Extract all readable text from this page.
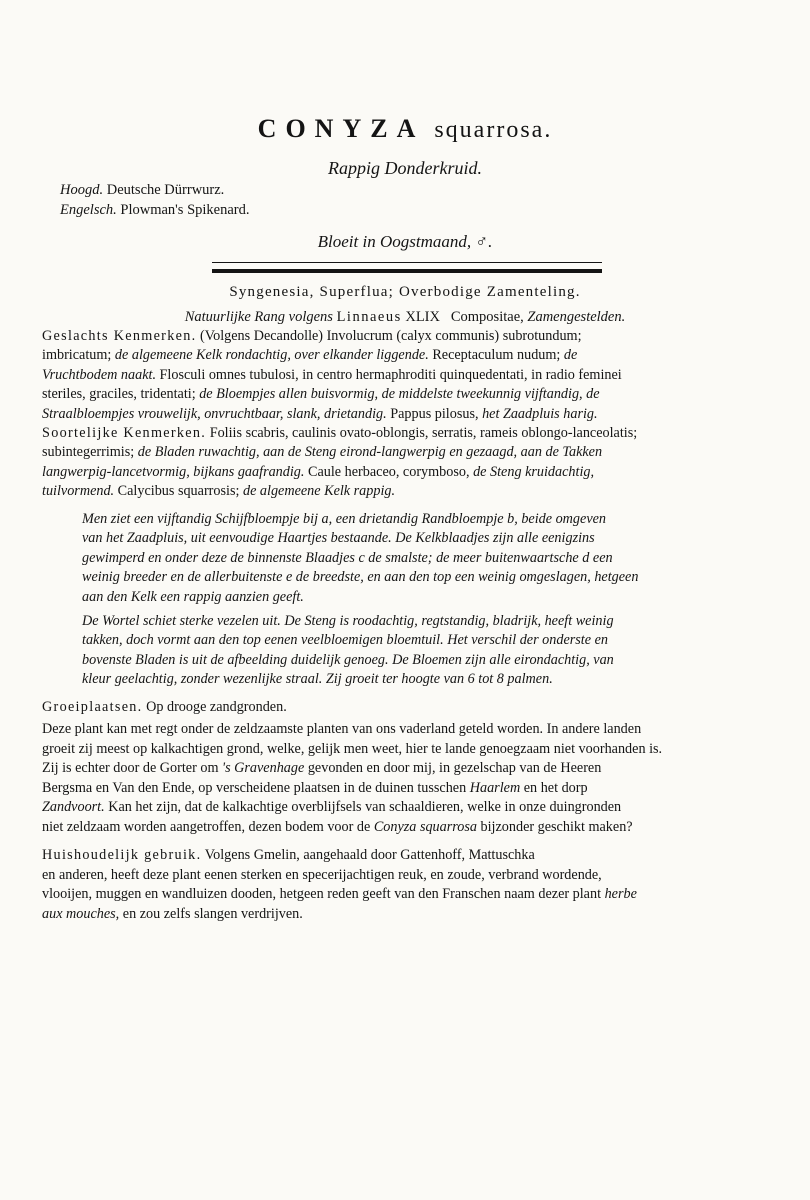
CONYZA squarrosa.
Rappig Donderkruid.
Hoogd. Deutsche Dürrwurz.
Engelsch. Plowman's Spikenard.
Bloeit in Oogstmaand, ♂.
Syngenesia, Superflua; Overbodige Zamenteling.
Natuurlijke Rang volgens Linnaeus XLIX Compositae, Zamengestelden.
Geslachts Kenmerken. (Volgens Decandolle) Involucrum (calyx communis) subrotundum;
imbricatum; de algemeene Kelk rondachtig, over elkander liggende. Receptaculum nudum; de
Vruchtbodem naakt. Flosculi omnes tubulosi, in centro hermaphroditi quinquedentati, in radio feminei
steriles, graciles, tridentati; de Bloempjes allen buisvormig, de middelste tweekunnig vijftandig, de
Straalbloempjes vrouwelijk, onvruchtbaar, slank, drietandig. Pappus pilosus, het Zaadpluis harig.
Soortelijke Kenmerken. Foliis scabris, caulinis ovato-oblongis, serratis, rameis oblongo-lanceolatis;
subintegerrimis; de Bladen ruwachtig, aan de Steng eirond-langwerpig en gezaagd, aan de Takken
langwerpig-lancetvormig, bijkans gaafrandig. Caule herbaceo, corymboso, de Steng kruidachtig,
tuilvormend. Calycibus squarrosis; de algemeene Kelk rappig.
Men ziet een vijftandig Schijfbloempje bij a, een drietandig Randbloempje b, beide omgeven
van het Zaadpluis, uit eenvoudige Haartjes bestaande. De Kelkblaadjes zijn alle eenigzins
gewimperd en onder deze de binnenste Blaadjes c de smalste; de meer buitenwaartsche d een
weinig breeder en de allerbuitenste e de breedste, en aan den top een weinig omgeslagen, hetgeen
aan den Kelk een rappig aanzien geeft.
De Wortel schiet sterke vezelen uit. De Steng is roodachtig, regtstandig, bladrijk, heeft weinig
takken, doch vormt aan den top eenen veelbloemigen bloemtuil. Het verschil der onderste en
bovenste Bladen is uit de afbeelding duidelijk genoeg. De Bloemen zijn alle eirondachtig, van
kleur geelachtig, zonder wezenlijke straal. Zij groeit ter hoogte van 6 tot 8 palmen.
Groeiplaatsen. Op drooge zandgronden.
Deze plant kan met regt onder de zeldzaamste planten van ons vaderland geteld worden. In andere landen
groeit zij meest op kalkachtigen grond, welke, gelijk men weet, hier te lande genoegzaam niet voorhanden is.
Zij is echter door de Gorter om 's Gravenhage gevonden en door mij, in gezelschap van de Heeren
Bergsma en Van den Ende, op verscheidene plaatsen in de duinen tusschen Haarlem en het dorp
Zandvoort. Kan het zijn, dat de kalkachtige overblijfsels van schaaldieren, welke in onze duingronden
niet zeldzaam worden aangetroffen, dezen bodem voor de Conyza squarrosa bijzonder geschikt maken?
Huishoudelijk gebruik. Volgens Gmelin, aangehaald door Gattenhoff, Mattuschka
en anderen, heeft deze plant eenen sterken en specerijachtigen reuk, en zoude, verbrand wordende,
vlooijen, muggen en wandluizen dooden, hetgeen reden geeft van den Franschen naam dezer plant herbe
aux mouches, en zou zelfs slangen verdrijven.
